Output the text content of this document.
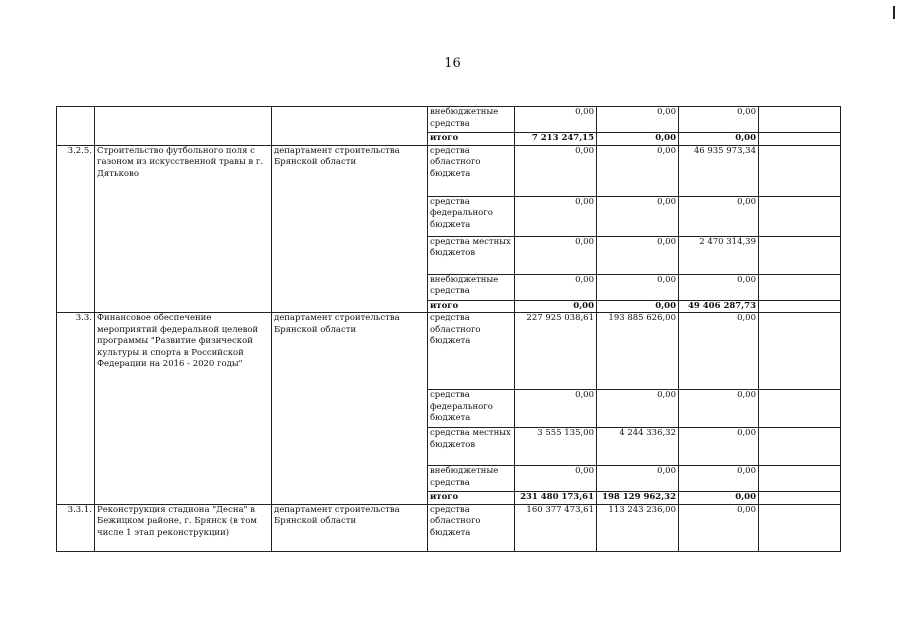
16
			внебюджетные средства	0,00	0,00	0,00	
			итого	7 213 247,15	0,00	0,00	
3.2.5.	Строительство футбольного поля с газоном из искусственной травы в г. Дятьково	департамент строительства Брянской области	средства областного бюджета	0,00	0,00	46 935 973,34	
			средства федерального бюджета	0,00	0,00	0,00	
			средства местных бюджетов	0,00	0,00	2 470 314,39	
			внебюджетные средства	0,00	0,00	0,00	
			итого	0,00	0,00	49 406 287,73	
3.3.	Финансовое обеспечение мероприятий федеральной целевой программы "Развитие физической культуры и спорта в Российской Федерации на 2016 - 2020 годы"	департамент строительства Брянской области	средства областного бюджета	227 925 038,61	193 885 626,00	0,00	
			средства федерального бюджета	0,00	0,00	0,00	
			средства местных бюджетов	3 555 135,00	4 244 336,32	0,00	
			внебюджетные средства	0,00	0,00	0,00	
			итого	231 480 173,61	198 129 962,32	0,00	
3.3.1.	Реконструкция стадиона "Десна" в Бежицком районе, г. Брянск (в том числе 1 этап реконструкции)	департамент строительства Брянской области	средства областного бюджета	160 377 473,61	113 243 236,00	0,00	
